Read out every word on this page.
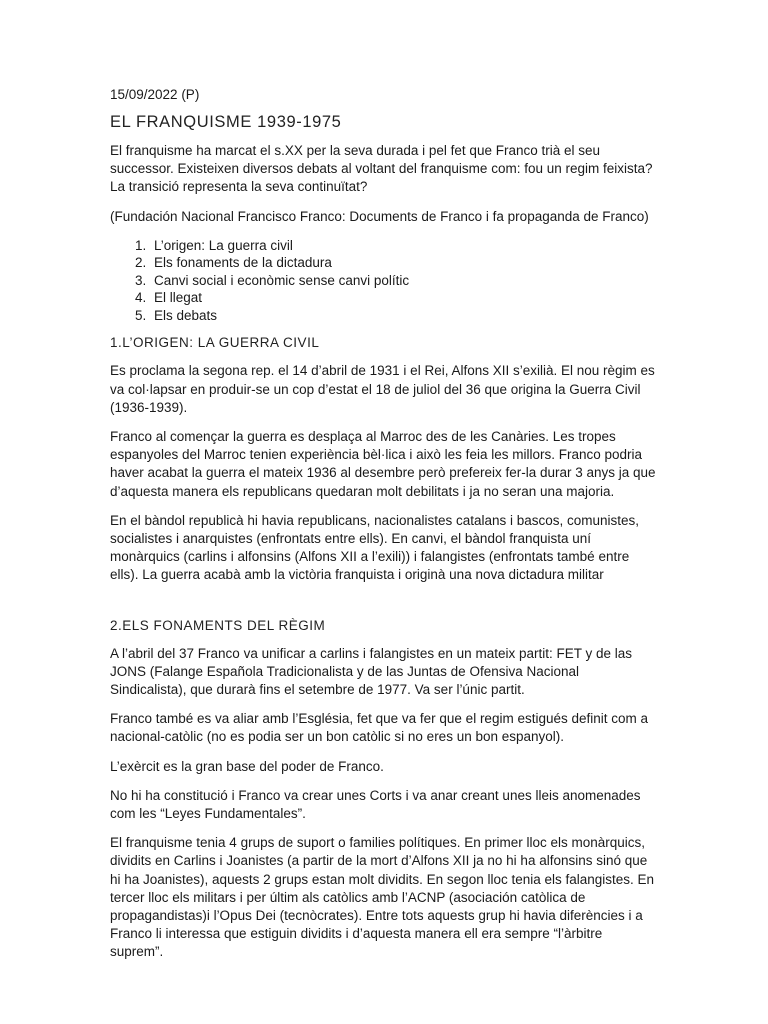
15/09/2022 (P)
EL FRANQUISME 1939-1975

El franquisme ha marcat el s.XX per la seva durada i pel fet que Franco trià el seu successor. Existeixen diversos debats al voltant del franquisme com: fou un regim feixista? La transició representa la seva continuïtat?

(Fundación Nacional Francisco Franco: Documents de Franco i fa propaganda de Franco)

1. L’origen: La guerra civil
2. Els fonaments de la dictadura
3. Canvi social i econòmic sense canvi polític
4. El llegat
5. Els debats
1.L’ORIGEN: LA GUERRA CIVIL

Es proclama la segona rep. el 14 d’abril de 1931 i el Rei, Alfons XII s’exilià. El nou règim es va col·lapsar en produir-se un cop d’estat el 18 de juliol del 36 que origina la Guerra Civil (1936-1939).

Franco al començar la guerra es desplaça al Marroc des de les Canàries. Les tropes espanyoles del Marroc tenien experiència bèl·lica i això les feia les millors. Franco podria haver acabat la guerra el mateix 1936 al desembre però prefereix fer-la durar 3 anys ja que d’aquesta manera els republicans quedaran molt debilitats i ja no seran una majoria.

En el bàndol republicà hi havia republicans, nacionalistes catalans i bascos, comunistes, socialistes i anarquistes (enfrontats entre ells). En canvi, el bàndol franquista uní monàrquics (carlins i alfonsins (Alfons XII a l’exili)) i falangistes (enfrontats també entre ells). La guerra acabà amb la victòria franquista i originà una nova dictadura militar

2.ELS FONAMENTS DEL RÈGIM

A l’abril del 37 Franco va unificar a carlins i falangistes en un mateix partit: FET y de las JONS (Falange Española Tradicionalista y de las Juntas de Ofensiva Nacional Sindicalista), que durarà fins el setembre de 1977. Va ser l’únic partit.

Franco també es va aliar amb l’Església, fet que va fer que el regim estigués definit com a nacional-catòlic (no es podia ser un bon catòlic si no eres un bon espanyol).

L’exèrcit es la gran base del poder de Franco.

No hi ha constitució i Franco va crear unes Corts i va anar creant unes lleis anomenades com les “Leyes Fundamentales”.

El franquisme tenia 4 grups de suport o families polítiques. En primer lloc els monàrquics, dividits en Carlins i Joanistes (a partir de la mort d’Alfons XII ja no hi ha alfonsins sinó que hi ha Joanistes), aquests 2 grups estan molt dividits. En segon lloc tenia els falangistes. En tercer lloc els militars i per últim als catòlics amb l’ACNP (asociación catòlica de propagandistas)i l’Opus Dei (tecnòcrates). Entre tots aquests grup hi havia diferències i a Franco li interessa que estiguin dividits i d’aquesta manera ell era sempre “l’àrbitre suprem”.
